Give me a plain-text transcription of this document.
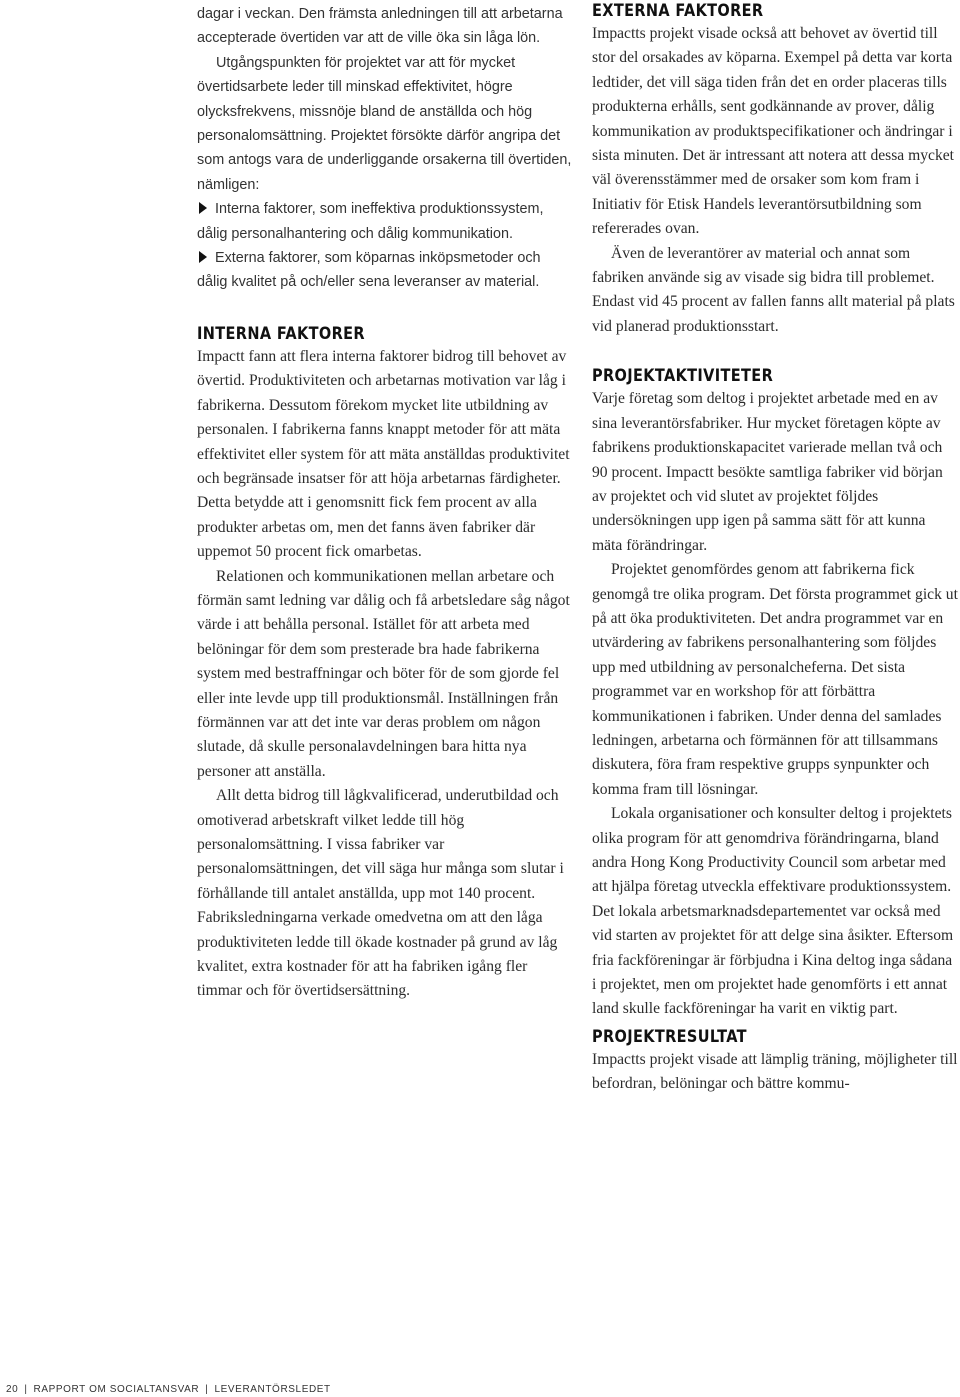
dagar i veckan. Den främsta anledningen till att arbetarna accepterade övertiden var att de ville öka sin låga lön.

Utgångspunkten för projektet var att för mycket övertidsarbete leder till minskad effektivitet, högre olycksfrekvens, missnöje bland de anställda och hög personalomsättning. Projektet försökte därför angripa det som antogs vara de underliggande orsakerna till övertiden, nämligen:

Interna faktorer, som ineffektiva produktionssystem, dålig personalhantering och dålig kommunikation.

Externa faktorer, som köparnas inköpsmetoder och dålig kvalitet på och/eller sena leveranser av material.

INTERNA FAKTORER

Impactt fann att flera interna faktorer bidrog till behovet av övertid. Produktiviteten och arbetarnas motivation var låg i fabrikerna. Dessutom förekom mycket lite utbildning av personalen. I fabrikerna fanns knappt metoder för att mäta effektivitet eller system för att mäta anställdas produktivitet och begränsade insatser för att höja arbetarnas färdigheter. Detta betydde att i genomsnitt fick fem procent av alla produkter arbetas om, men det fanns även fabriker där uppemot 50 procent fick omarbetas.

Relationen och kommunikationen mellan arbetare och förmän samt ledning var dålig och få arbetsledare såg något värde i att behålla personal. Istället för att arbeta med belöningar för dem som presterade bra hade fabrikerna system med bestraffningar och böter för de som gjorde fel eller inte levde upp till produktionsmål. Inställningen från förmännen var att det inte var deras problem om någon slutade, då skulle personalavdelningen bara hitta nya personer att anställa.

Allt detta bidrog till lågkvalificerad, underutbildad och omotiverad arbetskraft vilket ledde till hög personalomsättning. I vissa fabriker var personalomsättningen, det vill säga hur många som slutar i förhållande till antalet anställda, upp mot 140 procent. Fabriksledningarna verkade omedvetna om att den låga produktiviteten ledde till ökade kostnader på grund av låg kvalitet, extra kostnader för att ha fabriken igång fler timmar och för övertidsersättning.

EXTERNA FAKTORER

Impactts projekt visade också att behovet av övertid till stor del orsakades av köparna. Exempel på detta var korta ledtider, det vill säga tiden från det en order placeras tills produkterna erhålls, sent godkännande av prover, dålig kommunikation av produktspecifikationer och ändringar i sista minuten. Det är intressant att notera att dessa mycket väl överensstämmer med de orsaker som kom fram i Initiativ för Etisk Handels leverantörsutbildning som refererades ovan.

Även de leverantörer av material och annat som fabriken använde sig av visade sig bidra till problemet. Endast vid 45 procent av fallen fanns allt material på plats vid planerad produktionsstart.

PROJEKTAKTIVITETER

Varje företag som deltog i projektet arbetade med en av sina leverantörsfabriker. Hur mycket företagen köpte av fabrikens produktionskapacitet varierade mellan två och 90 procent. Impactt besökte samtliga fabriker vid början av projektet och vid slutet av projektet följdes undersökningen upp igen på samma sätt för att kunna mäta förändringar.

Projektet genomfördes genom att fabrikerna fick genomgå tre olika program. Det första programmet gick ut på att öka produktiviteten. Det andra programmet var en utvärdering av fabrikens personalhantering som följdes upp med utbildning av personalcheferna. Det sista programmet var en workshop för att förbättra kommunikationen i fabriken. Under denna del samlades ledningen, arbetarna och förmännen för att tillsammans diskutera, föra fram respektive grupps synpunkter och komma fram till lösningar.

Lokala organisationer och konsulter deltog i projektets olika program för att genomdriva förändringarna, bland andra Hong Kong Productivity Council som arbetar med att hjälpa företag utveckla effektivare produktionssystem. Det lokala arbetsmarknadsdepartementet var också med vid starten av projektet för att delge sina åsikter. Eftersom fria fackföreningar är förbjudna i Kina deltog inga sådana i projektet, men om projektet hade genomförts i ett annat land skulle fackföreningar ha varit en viktig part.

PROJEKTRESULTAT

Impactts projekt visade att lämplig träning, möjligheter till befordran, belöningar och bättre kommu-

20 | RAPPORT OM SOCIALTANSVAR | LEVERANTÖRSLEDET
